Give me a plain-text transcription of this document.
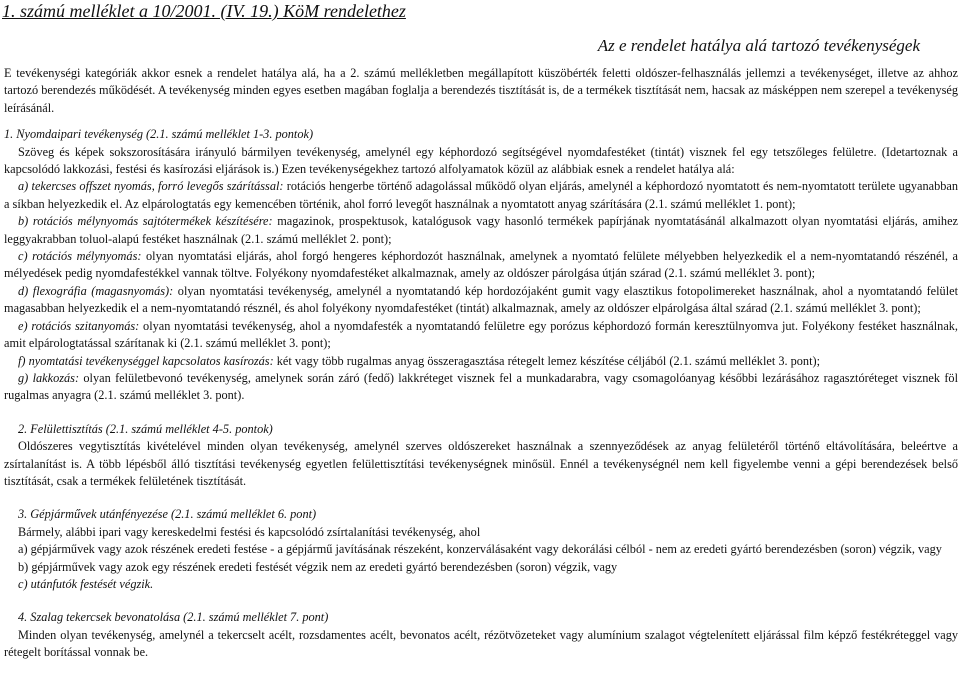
1. számú melléklet a 10/2001. (IV. 19.) KöM rendelethez
Az e rendelet hatálya alá tartozó tevékenységek

E tevékenységi kategóriák akkor esnek a rendelet hatálya alá, ha a 2. számú mellékletben megállapított küszöbérték feletti oldószer-felhasználás jellemzi a tevékenységet, illetve az ahhoz tartozó berendezés működését. A tevékenység minden egyes esetben magában foglalja a berendezés tisztítását is, de a termékek tisztítását nem, hacsak az másképpen nem szerepel a tevékenység leírásánál.

1. Nyomdaipari tevékenység (2.1. számú melléklet 1-3. pontok)

Szöveg és képek sokszorosítására irányuló bármilyen tevékenység, amelynél egy képhordozó segítségével nyomdafestéket (tintát) visznek fel egy tetszőleges felületre. (Idetartoznak a kapcsolódó lakkozási, festési és kasírozási eljárások is.) Ezen tevékenységekhez tartozó alfolyamatok közül az alábbiak esnek a rendelet hatálya alá:

a) tekercses offszet nyomás, forró levegős szárítással: rotációs hengerbe történő adagolással működő olyan eljárás, amelynél a képhordozó nyomtatott és nem-nyomtatott területe ugyanabban a síkban helyezkedik el. Az elpárologtatás egy kemencében történik, ahol forró levegőt használnak a nyomtatott anyag szárítására (2.1. számú melléklet 1. pont);

b) rotációs mélynyomás sajtótermékek készítésére: magazinok, prospektusok, katalógusok vagy hasonló termékek papírjának nyomtatásánál alkalmazott olyan nyomtatási eljárás, amihez leggyakrabban toluol-alapú festéket használnak (2.1. számú melléklet 2. pont);

c) rotációs mélynyomás: olyan nyomtatási eljárás, ahol forgó hengeres képhordozót használnak, amelynek a nyomtató felülete mélyebben helyezkedik el a nem-nyomtatandó részénél, a mélyedések pedig nyomdafestékkel vannak töltve. Folyékony nyomdafestéket alkalmaznak, amely az oldószer párolgása útján szárad (2.1. számú melléklet 3. pont);

d) flexográfia (magasnyomás): olyan nyomtatási tevékenység, amelynél a nyomtatandó kép hordozójaként gumit vagy elasztikus fotopolimereket használnak, ahol a nyomtatandó felület magasabban helyezkedik el a nem-nyomtatandó résznél, és ahol folyékony nyomdafestéket (tintát) alkalmaznak, amely az oldószer elpárolgása által szárad (2.1. számú melléklet 3. pont);

e) rotációs szitanyomás: olyan nyomtatási tevékenység, ahol a nyomdafesték a nyomtatandó felületre egy porózus képhordozó formán keresztülnyomva jut. Folyékony festéket használnak, amit elpárologtatással szárítanak ki (2.1. számú melléklet 3. pont);

f) nyomtatási tevékenységgel kapcsolatos kasírozás: két vagy több rugalmas anyag összeragasztása rétegelt lemez készítése céljából (2.1. számú melléklet 3. pont);

g) lakkozás: olyan felületbevonó tevékenység, amelynek során záró (fedő) lakkréteget visznek fel a munkadarabra, vagy csomagolóanyag későbbi lezárásához ragasztóréteget visznek föl rugalmas anyagra (2.1. számú melléklet 3. pont).

2. Felülettisztítás (2.1. számú melléklet 4-5. pontok)

Oldószeres vegytisztítás kivételével minden olyan tevékenység, amelynél szerves oldószereket használnak a szennyeződések az anyag felületéről történő eltávolítására, beleértve a zsírtalanítást is. A több lépésből álló tisztítási tevékenység egyetlen felülettisztítási tevékenységnek minősül. Ennél a tevékenységnél nem kell figyelembe venni a gépi berendezések belső tisztítását, csak a termékek felületének tisztítását.

3. Gépjárművek utánfényezése (2.1. számú melléklet 6. pont)

Bármely, alábbi ipari vagy kereskedelmi festési és kapcsolódó zsírtalanítási tevékenység, ahol

a) gépjárművek vagy azok részének eredeti festése - a gépjármű javításának részeként, konzerválásaként vagy dekorálási célból - nem az eredeti gyártó berendezésben (soron) végzik, vagy

b) gépjárművek vagy azok egy részének eredeti festését végzik nem az eredeti gyártó berendezésben (soron) végzik, vagy

c) utánfutók festését végzik.

4. Szalag tekercsek bevonatolása (2.1. számú melléklet 7. pont)

Minden olyan tevékenység, amelynél a tekercselt acélt, rozsdamentes acélt, bevonatos acélt, rézötvözeteket vagy alumínium szalagot végtelenített eljárással film képző festékréteggel vagy rétegelt borítással vonnak be.
